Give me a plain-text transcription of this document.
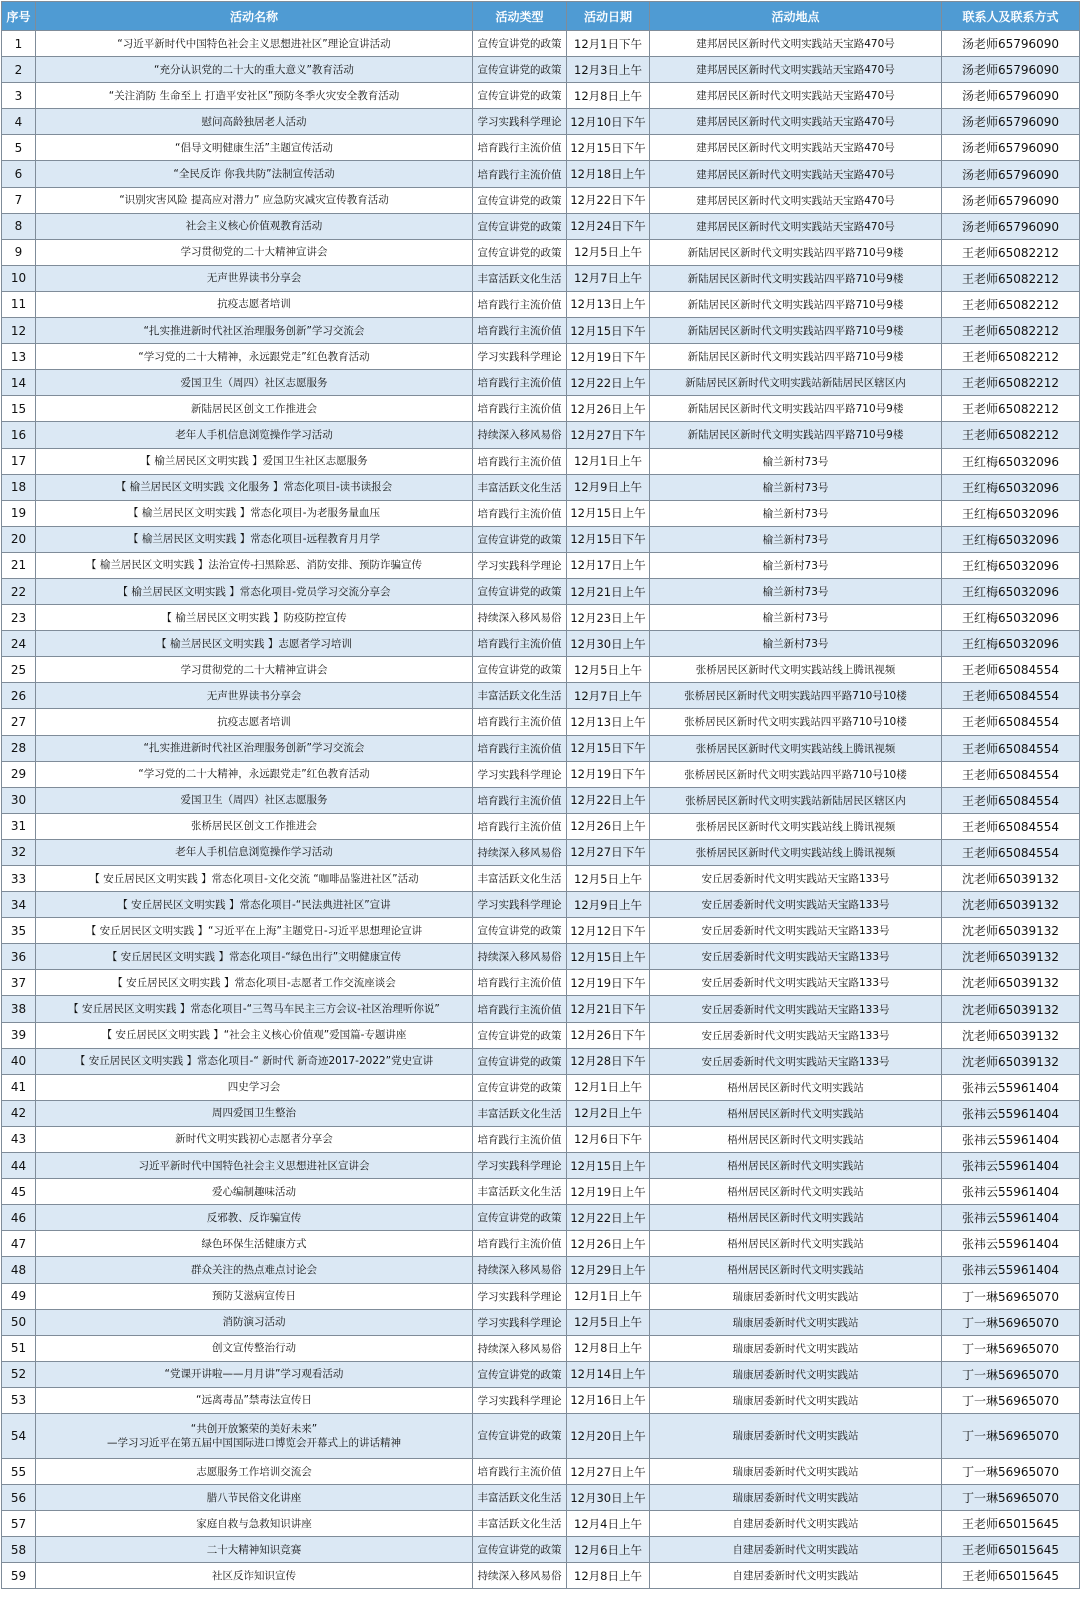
序号	活动名称	活动类型	活动日期	活动地点	联系人及联系方式
1	“习近平新时代中国特色社会主义思想进社区”理论宣讲活动	宣传宣讲党的政策	12月1日下午	建邦居民区新时代文明实践站天宝路470号	汤老师65796090
2	“充分认识党的二十大的重大意义”教育活动	宣传宣讲党的政策	12月3日上午	建邦居民区新时代文明实践站天宝路470号	汤老师65796090
3	“关注消防 生命至上 打造平安社区”预防冬季火灾安全教育活动	宣传宣讲党的政策	12月8日上午	建邦居民区新时代文明实践站天宝路470号	汤老师65796090
4	慰问高龄独居老人活动	学习实践科学理论	12月10日下午	建邦居民区新时代文明实践站天宝路470号	汤老师65796090
5	“倡导文明健康生活”主题宣传活动	培育践行主流价值	12月15日下午	建邦居民区新时代文明实践站天宝路470号	汤老师65796090
6	“全民反诈 你我共防”法制宣传活动	培育践行主流价值	12月18日上午	建邦居民区新时代文明实践站天宝路470号	汤老师65796090
7	“识别灾害风险 提高应对潜力” 应急防灾减灾宣传教育活动	宣传宣讲党的政策	12月22日下午	建邦居民区新时代文明实践站天宝路470号	汤老师65796090
8	社会主义核心价值观教育活动	宣传宣讲党的政策	12月24日下午	建邦居民区新时代文明实践站天宝路470号	汤老师65796090
9	学习贯彻党的二十大精神宣讲会	宣传宣讲党的政策	12月5日上午	新陆居民区新时代文明实践站四平路710号9楼	王老师65082212
10	无声世界读书分享会	丰富活跃文化生活	12月7日上午	新陆居民区新时代文明实践站四平路710号9楼	王老师65082212
11	抗疫志愿者培训	培育践行主流价值	12月13日上午	新陆居民区新时代文明实践站四平路710号9楼	王老师65082212
12	“扎实推进新时代社区治理服务创新”学习交流会	培育践行主流价值	12月15日下午	新陆居民区新时代文明实践站四平路710号9楼	王老师65082212
13	“学习党的二十大精神，永远跟党走”红色教育活动	学习实践科学理论	12月19日下午	新陆居民区新时代文明实践站四平路710号9楼	王老师65082212
14	爱国卫生（周四）社区志愿服务	培育践行主流价值	12月22日上午	新陆居民区新时代文明实践站新陆居民区辖区内	王老师65082212
15	新陆居民区创文工作推进会	培育践行主流价值	12月26日上午	新陆居民区新时代文明实践站四平路710号9楼	王老师65082212
16	老年人手机信息浏览操作学习活动	持续深入移风易俗	12月27日下午	新陆居民区新时代文明实践站四平路710号9楼	王老师65082212
17	【 榆兰居民区文明实践 】爱国卫生社区志愿服务	培育践行主流价值	12月1日上午	榆兰新村73号	王红梅65032096
18	【 榆兰居民区文明实践 文化服务 】常态化项目-读书读报会	丰富活跃文化生活	12月9日上午	榆兰新村73号	王红梅65032096
19	【 榆兰居民区文明实践 】常态化项目-为老服务量血压	培育践行主流价值	12月15日上午	榆兰新村73号	王红梅65032096
20	【 榆兰居民区文明实践 】常态化项目-远程教育月月学	宣传宣讲党的政策	12月15日下午	榆兰新村73号	王红梅65032096
21	【 榆兰居民区文明实践 】法治宣传-扫黑除恶、消防安排、预防诈骗宣传	学习实践科学理论	12月17日上午	榆兰新村73号	王红梅65032096
22	【 榆兰居民区文明实践 】常态化项目-党员学习交流分享会	宣传宣讲党的政策	12月21日上午	榆兰新村73号	王红梅65032096
23	【 榆兰居民区文明实践 】防疫防控宣传	持续深入移风易俗	12月23日上午	榆兰新村73号	王红梅65032096
24	【 榆兰居民区文明实践 】志愿者学习培训	培育践行主流价值	12月30日上午	榆兰新村73号	王红梅65032096
25	学习贯彻党的二十大精神宣讲会	宣传宣讲党的政策	12月5日上午	张桥居民区新时代文明实践站线上腾讯视频	王老师65084554
26	无声世界读书分享会	丰富活跃文化生活	12月7日上午	张桥居民区新时代文明实践站四平路710号10楼	王老师65084554
27	抗疫志愿者培训	培育践行主流价值	12月13日上午	张桥居民区新时代文明实践站四平路710号10楼	王老师65084554
28	“扎实推进新时代社区治理服务创新”学习交流会	培育践行主流价值	12月15日下午	张桥居民区新时代文明实践站线上腾讯视频	王老师65084554
29	“学习党的二十大精神，永远跟党走”红色教育活动	学习实践科学理论	12月19日下午	张桥居民区新时代文明实践站四平路710号10楼	王老师65084554
30	爱国卫生（周四）社区志愿服务	培育践行主流价值	12月22日上午	张桥居民区新时代文明实践站新陆居民区辖区内	王老师65084554
31	张桥居民区创文工作推进会	培育践行主流价值	12月26日上午	张桥居民区新时代文明实践站线上腾讯视频	王老师65084554
32	老年人手机信息浏览操作学习活动	持续深入移风易俗	12月27日下午	张桥居民区新时代文明实践站线上腾讯视频	王老师65084554
33	【 安丘居民区文明实践 】常态化项目-文化交流 “咖啡品鉴进社区”活动	丰富活跃文化生活	12月5日上午	安丘居委新时代文明实践站天宝路133号	沈老师65039132
34	【 安丘居民区文明实践 】常态化项目-“民法典进社区”宣讲	学习实践科学理论	12月9日上午	安丘居委新时代文明实践站天宝路133号	沈老师65039132
35	【 安丘居民区文明实践 】“习近平在上海”主题党日-习近平思想理论宣讲	宣传宣讲党的政策	12月12日下午	安丘居委新时代文明实践站天宝路133号	沈老师65039132
36	【 安丘居民区文明实践 】常态化项目-“绿色出行”文明健康宣传	持续深入移风易俗	12月15日上午	安丘居委新时代文明实践站天宝路133号	沈老师65039132
37	【 安丘居民区文明实践 】常态化项目-志愿者工作交流座谈会	培育践行主流价值	12月19日下午	安丘居委新时代文明实践站天宝路133号	沈老师65039132
38	【 安丘居民区文明实践 】常态化项目-“三驾马车民主三方会议-社区治理听你说”	培育践行主流价值	12月21日下午	安丘居委新时代文明实践站天宝路133号	沈老师65039132
39	【 安丘居民区文明实践 】“社会主义核心价值观”爱国篇-专题讲座	宣传宣讲党的政策	12月26日下午	安丘居委新时代文明实践站天宝路133号	沈老师65039132
40	【 安丘居民区文明实践 】常态化项目-“ 新时代 新奇迹2017-2022”党史宣讲	宣传宣讲党的政策	12月28日下午	安丘居委新时代文明实践站天宝路133号	沈老师65039132
41	四史学习会	宣传宣讲党的政策	12月1日上午	梧州居民区新时代文明实践站	张祎云55961404
42	周四爱国卫生整治	丰富活跃文化生活	12月2日上午	梧州居民区新时代文明实践站	张祎云55961404
43	新时代文明实践初心志愿者分享会	培育践行主流价值	12月6日下午	梧州居民区新时代文明实践站	张祎云55961404
44	习近平新时代中国特色社会主义思想进社区宣讲会	学习实践科学理论	12月15日上午	梧州居民区新时代文明实践站	张祎云55961404
45	爱心编制趣味活动	丰富活跃文化生活	12月19日上午	梧州居民区新时代文明实践站	张祎云55961404
46	反邪教、反诈骗宣传	宣传宣讲党的政策	12月22日上午	梧州居民区新时代文明实践站	张祎云55961404
47	绿色环保生活健康方式	培育践行主流价值	12月26日上午	梧州居民区新时代文明实践站	张祎云55961404
48	群众关注的热点难点讨论会	持续深入移风易俗	12月29日上午	梧州居民区新时代文明实践站	张祎云55961404
49	预防艾滋病宣传日	学习实践科学理论	12月1日上午	瑞康居委新时代文明实践站	丁一琳56965070
50	消防演习活动	学习实践科学理论	12月5日上午	瑞康居委新时代文明实践站	丁一琳56965070
51	创文宣传整治行动	持续深入移风易俗	12月8日上午	瑞康居委新时代文明实践站	丁一琳56965070
52	“党课开讲啦——月月讲”学习观看活动	宣传宣讲党的政策	12月14日上午	瑞康居委新时代文明实践站	丁一琳56965070
53	“远离毒品”禁毒法宣传日	学习实践科学理论	12月16日上午	瑞康居委新时代文明实践站	丁一琳56965070
54	“共创开放繁荣的美好未来”
—学习习近平在第五届中国国际进口博览会开幕式上的讲话精神	宣传宣讲党的政策	12月20日上午	瑞康居委新时代文明实践站	丁一琳56965070
55	志愿服务工作培训交流会	培育践行主流价值	12月27日上午	瑞康居委新时代文明实践站	丁一琳56965070
56	腊八节民俗文化讲座	丰富活跃文化生活	12月30日上午	瑞康居委新时代文明实践站	丁一琳56965070
57	家庭自救与急救知识讲座	丰富活跃文化生活	12月4日上午	自建居委新时代文明实践站	王老师65015645
58	二十大精神知识竞赛	宣传宣讲党的政策	12月6日上午	自建居委新时代文明实践站	王老师65015645
59	社区反诈知识宣传	持续深入移风易俗	12月8日上午	自建居委新时代文明实践站	王老师65015645
